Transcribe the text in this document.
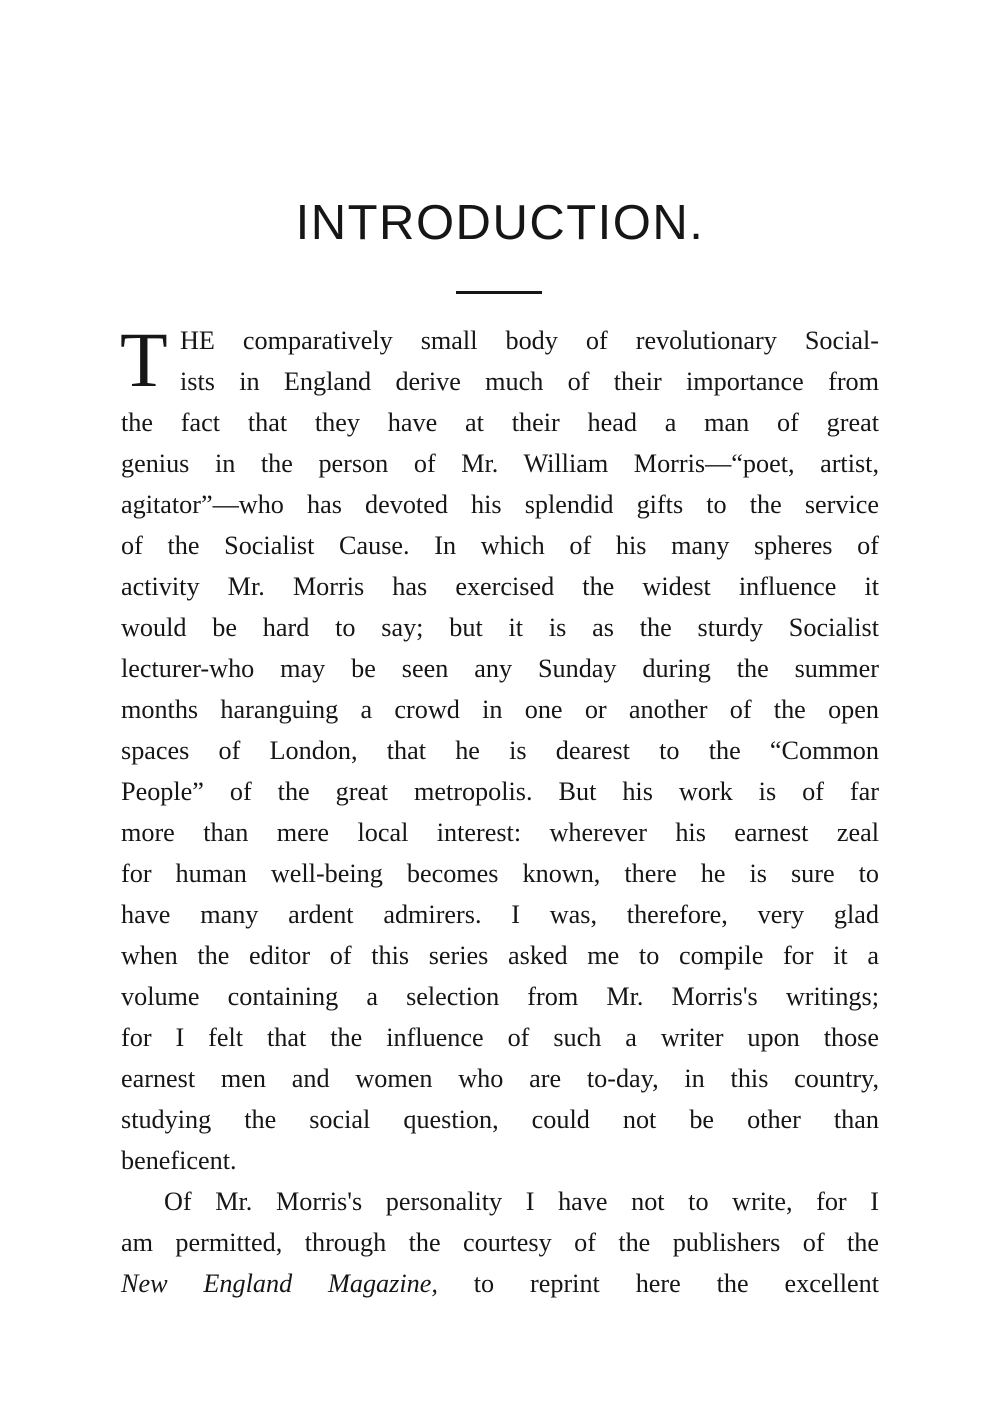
INTRODUCTION.
T HE comparatively small body of revolutionary Social-
ists in England derive much of their importance from
the fact that they have at their head a man of great
genius in the person of Mr. William Morris—“poet, artist,
agitator”—who has devoted his splendid gifts to the service
of the Socialist Cause. In which of his many spheres of
activity Mr. Morris has exercised the widest influence it
would be hard to say; but it is as the sturdy Socialist
lecturer-who may be seen any Sunday during the summer
months haranguing a crowd in one or another of the open
spaces of London, that he is dearest to the “Common
People” of the great metropolis. But his work is of far
more than mere local interest: wherever his earnest zeal
for human well-being becomes known, there he is sure to
have many ardent admirers. I was, therefore, very glad
when the editor of this series asked me to compile for it a
volume containing a selection from Mr. Morris's writings;
for I felt that the influence of such a writer upon those
earnest men and women who are to-day, in this country,
studying the social question, could not be other than
beneficent.
Of Mr. Morris's personality I have not to write, for I
am permitted, through the courtesy of the publishers of the
New England Magazine, to reprint here the excellent
